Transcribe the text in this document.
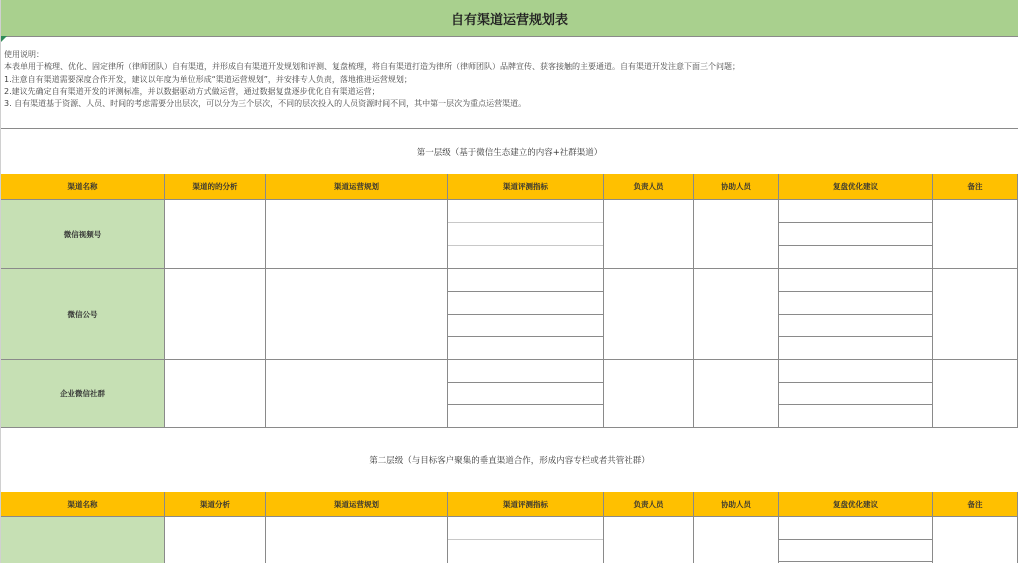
自有渠道运营规划表
使用说明：
本表单用于梳理、优化、固定律所（律师团队）自有渠道，并形成自有渠道开发规划和评测、复盘梳理，将自有渠道打造为律所（律师团队）品牌宣传、获客接触的主要通道。自有渠道开发注意下面三个问题；
1.注意自有渠道需要深度合作开发，建议以年度为单位形成“渠道运营规划”，并安排专人负责，落地推进运营规划；
2.建议先确定自有渠道开发的评测标准，并以数据驱动方式做运营，通过数据复盘逐步优化自有渠道运营；
3. 自有渠道基于资源、人员、时间的考虑需要分出层次，可以分为三个层次，不同的层次投入的人员资源时间不同，其中第一层次为重点运营渠道。
第一层级（基于微信生态建立的内容+社群渠道）
渠道名称	渠道的的分析	渠道运营规划	渠道评测指标	负责人员	协助人员	复盘优化建议	备注
微信视频号
微信公号
企业微信社群
第二层级（与目标客户聚集的垂直渠道合作，形成内容专栏或者共管社群）
渠道名称	渠道分析	渠道运营规划	渠道评测指标	负责人员	协助人员	复盘优化建议	备注
